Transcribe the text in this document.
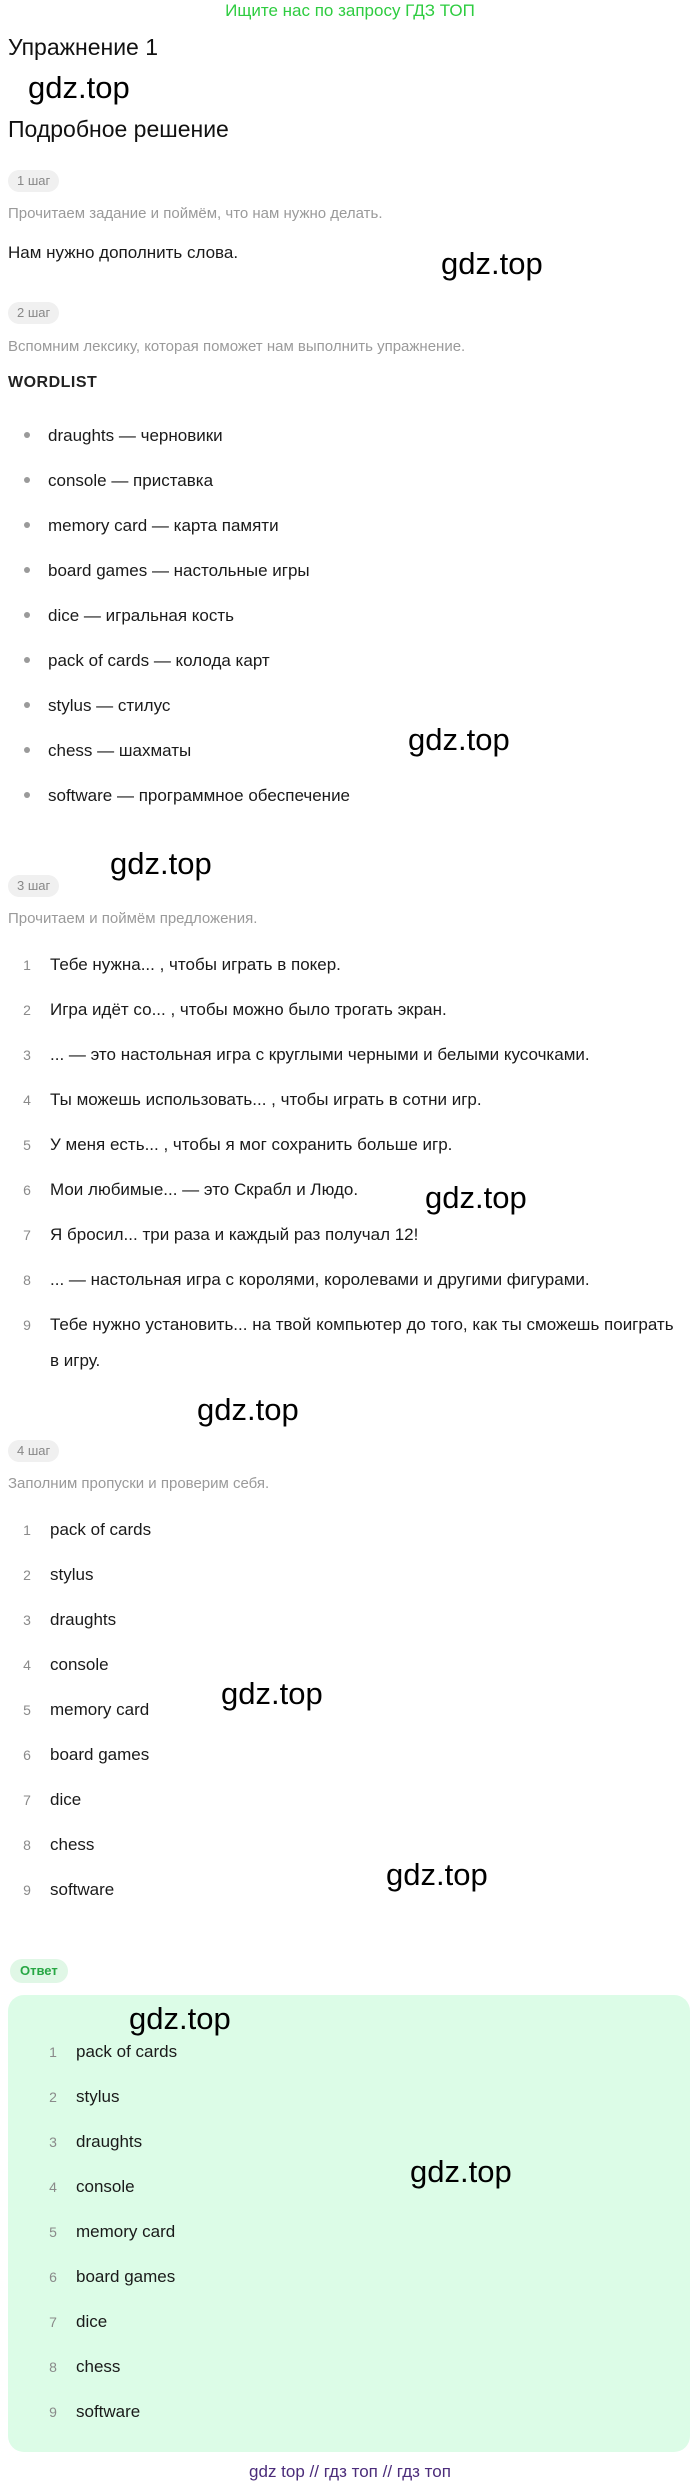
Ищите нас по запросу ГДЗ ТОП
Упражнение 1
gdz.top
Подробное решение
1 шаг
Прочитаем задание и поймём, что нам нужно делать.
Нам нужно дополнить слова.	gdz.top
2 шаг
Вспомним лексику, которая поможет нам выполнить упражнение.
WORDLIST
draughts — черновики
console — приставка
memory card — карта памяти
board games — настольные игры
dice — игральная кость
pack of cards — колода карт
stylus — стилус
chess — шахматы
software — программное обеспечение
gdz.top
3 шаг
gdz.top
Прочитаем и поймём предложения.
1	Тебе нужна... , чтобы играть в покер.
2	Игра идёт со... , чтобы можно было трогать экран.
3	... — это настольная игра с круглыми черными и белыми кусочками.
4	Ты можешь использовать... , чтобы играть в сотни игр.
5	У меня есть... , чтобы я мог сохранить больше игр.
6	Мои любимые... — это Скрабл и Людо.
7	Я бросил... три раза и каждый раз получал 12!
8	... — настольная игра с королями, королевами и другими фигурами.
9	Тебе нужно установить... на твой компьютер до того, как ты сможешь поиграть в игру.
gdz.top
gdz.top
4 шаг
Заполним пропуски и проверим себя.
1 pack of cards
2 stylus
3 draughts
4 console
5 memory card
6 board games
7 dice
8 chess
9 software
gdz.top
gdz.top
Ответ
gdz.top
gdz.top
1 pack of cards
2 stylus
3 draughts
4 console
5 memory card
6 board games
7 dice
8 chess
9 software
gdz top // гдз топ // гдз топ
